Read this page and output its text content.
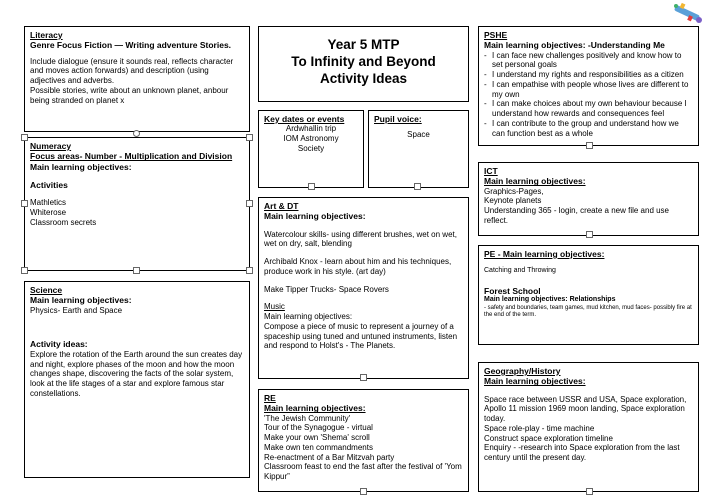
Literacy
Genre Focus Fiction — Writing adventure Stories.

Include dialogue (ensure it sounds real, reflects character and moves action forwards) and description (using adjectives and adverbs.

Possible stories, write about an unknown planet, anbour being stranded on planet x

Numeracy
Focus areas- Number - Multiplication and Division
Main learning objectives:
Activities
Mathletics
Whiterose
Classroom secrets
Science
Main learning objectives:
Physics- Earth and Space
Activity ideas:

Explore the rotation of the Earth around the sun creates day and night, explore phases of the moon and how the moon changes shape, discovering the facts of the solar system, look at the life stages of a star and explore famous star constellations.

Year 5 MTP
To Infinity and Beyond
Activity Ideas
Key dates or events
Ardwhallin trip
IOM Astronomy
Society
Pupil voice:
Space
Art & DT
Main learning objectives:

Watercolour skills- using different brushes, wet on wet, wet on dry, salt, blending

Archibald Knox - learn about him and his techniques, produce work in his style. (art day)

Make Tipper Trucks- Space Rovers

Music
Main learning objectives:

Compose a piece of music to represent a journey of a spaceship using tuned and untuned instruments, listen and respond to Holst's - The Planets.

RE
Main learning objectives:
'The Jewish Community'
Tour of the Synagogue - virtual
Make your own 'Shema' scroll
Make own ten commandments
Re-enactment of a Bar Mitzvah party
Classroom feast to end the fast after the festival of 'Yom Kippur”
PSHE
Main learning objectives: -Understanding Me
- I can face new challenges positively and know how to set personal goals
- I understand my rights and responsibilities as a citizen
- I can empathise with people whose lives are different to my own
- I can make choices about my own behaviour because I understand how rewards and consequences feel
- I can contribute to the group and understand how we can function best as a whole
ICT
Main learning objectives:
Graphics-Pages,
Keynote planets
Understanding 365 - login, create a new file and use reflect.
PE - Main learning objectives:
Catching and Throwing
Forest School
Main learning objectives: Relationships
- safety and boundaries, team games, mud kitchen, mud faces- possibly fire at the end of the term.
Geography/History
Main learning objectives:
Space race between USSR and USA, Space exploration, Apollo 11 mission 1969 moon landing, Space exploration today.
Space role-play - time machine
Construct space exploration timeline
Enquiry - -research into Space exploration from the last century until the present day.
